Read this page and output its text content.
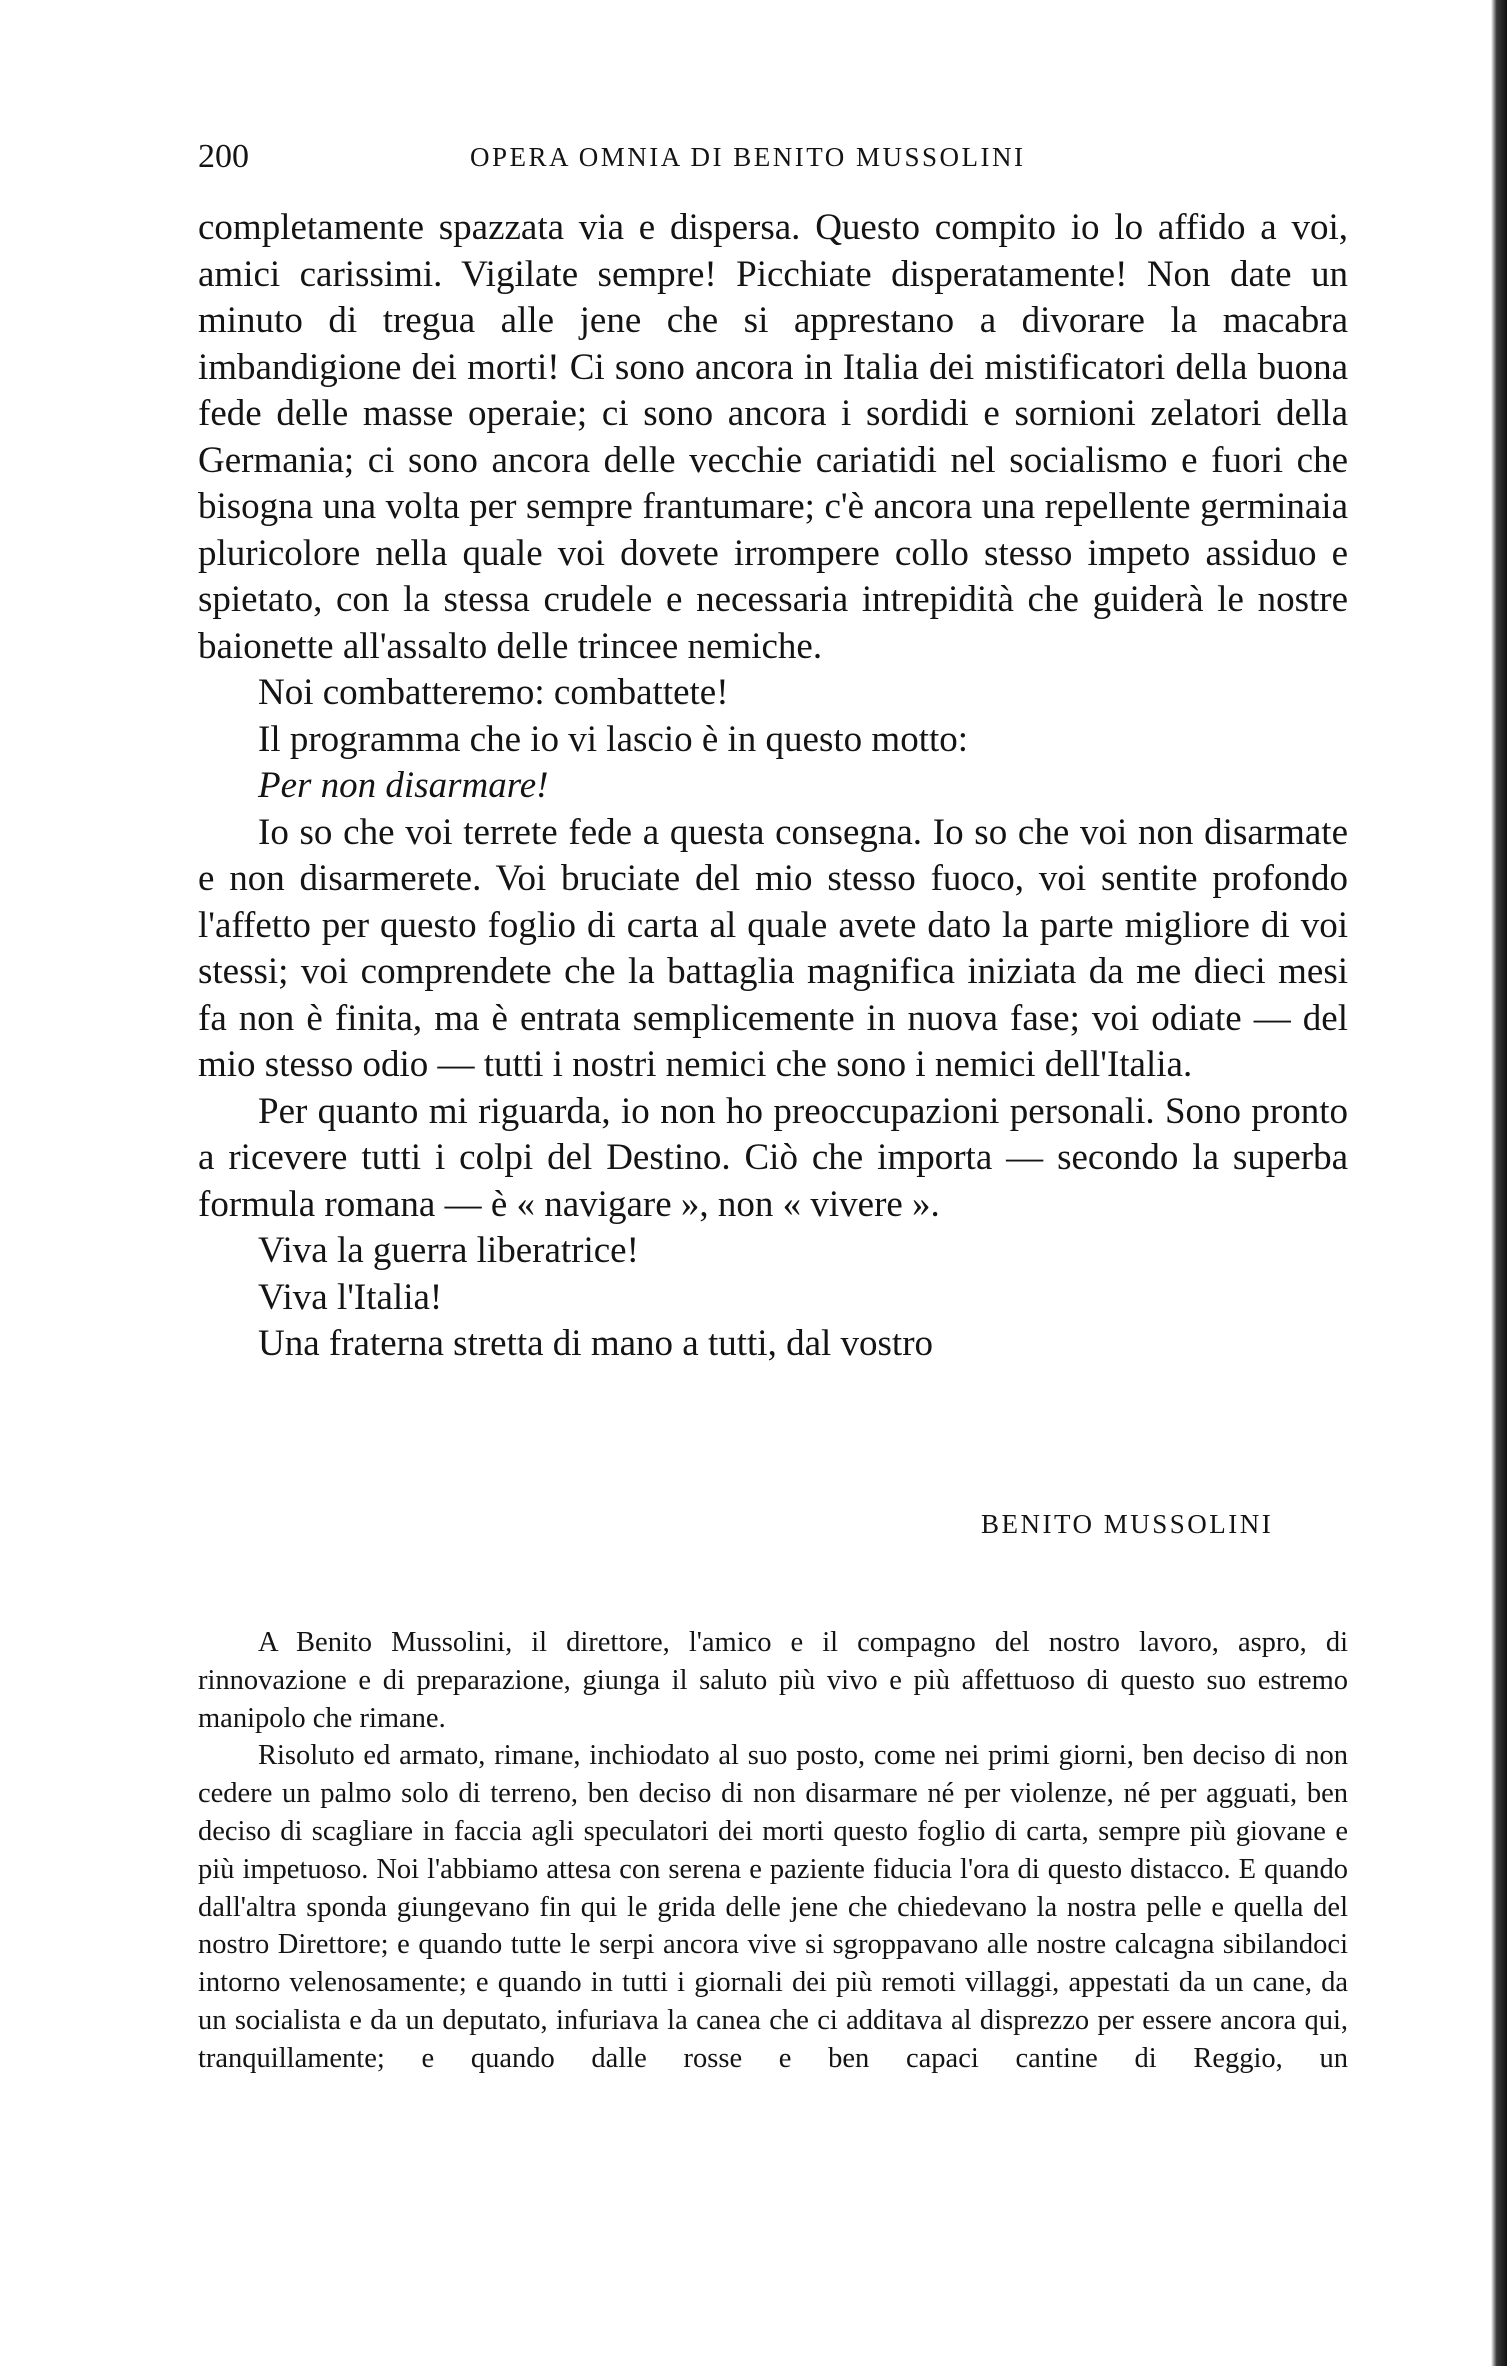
200	OPERA OMNIA DI BENITO MUSSOLINI

completamente spazzata via e dispersa. Questo compito io lo affido a voi, amici carissimi. Vigilate sempre! Picchiate disperatamente! Non date un minuto di tregua alle jene che si apprestano a divorare la macabra imbandigione dei morti! Ci sono ancora in Italia dei mistificatori della buona fede delle masse operaie; ci sono ancora i sordidi e sornioni zelatori della Germania; ci sono ancora delle vecchie cariatidi nel socialismo e fuori che bisogna una volta per sempre frantumare; c'è ancora una repellente germinaia pluricolore nella quale voi dovete irrompere collo stesso impeto assiduo e spietato, con la stessa crudele e necessaria intrepidità che guiderà le nostre baionette all'assalto delle trincee nemiche.

Noi combatteremo: combattete!

Il programma che io vi lascio è in questo motto:

Per non disarmare!

Io so che voi terrete fede a questa consegna. Io so che voi non disarmate e non disarmerete. Voi bruciate del mio stesso fuoco, voi sentite profondo l'affetto per questo foglio di carta al quale avete dato la parte migliore di voi stessi; voi comprendete che la battaglia magnifica iniziata da me dieci mesi fa non è finita, ma è entrata semplicemente in nuova fase; voi odiate — del mio stesso odio — tutti i nostri nemici che sono i nemici dell'Italia.

Per quanto mi riguarda, io non ho preoccupazioni personali. Sono pronto a ricevere tutti i colpi del Destino. Ciò che importa — secondo la superba formula romana — è « navigare », non « vivere ».

Viva la guerra liberatrice!

Viva l'Italia!

Una fraterna stretta di mano a tutti, dal vostro

BENITO MUSSOLINI

A Benito Mussolini, il direttore, l'amico e il compagno del nostro lavoro, aspro, di rinnovazione e di preparazione, giunga il saluto più vivo e più affettuoso di questo suo estremo manipolo che rimane.

Risoluto ed armato, rimane, inchiodato al suo posto, come nei primi giorni, ben deciso di non cedere un palmo solo di terreno, ben deciso di non disarmare né per violenze, né per agguati, ben deciso di scagliare in faccia agli speculatori dei morti questo foglio di carta, sempre più giovane e più impetuoso. Noi l'abbiamo attesa con serena e paziente fiducia l'ora di questo distacco. E quando dall'altra sponda giungevano fin qui le grida delle jene che chiedevano la nostra pelle e quella del nostro Direttore; e quando tutte le serpi ancora vive si sgroppavano alle nostre calcagna sibilandoci intorno velenosamente; e quando in tutti i giornali dei più remoti villaggi, appestati da un cane, da un socialista e da un deputato, infuriava la canea che ci additava al disprezzo per essere ancora qui, tranquillamente; e quando dalle rosse e ben capaci cantine di Reggio, un
